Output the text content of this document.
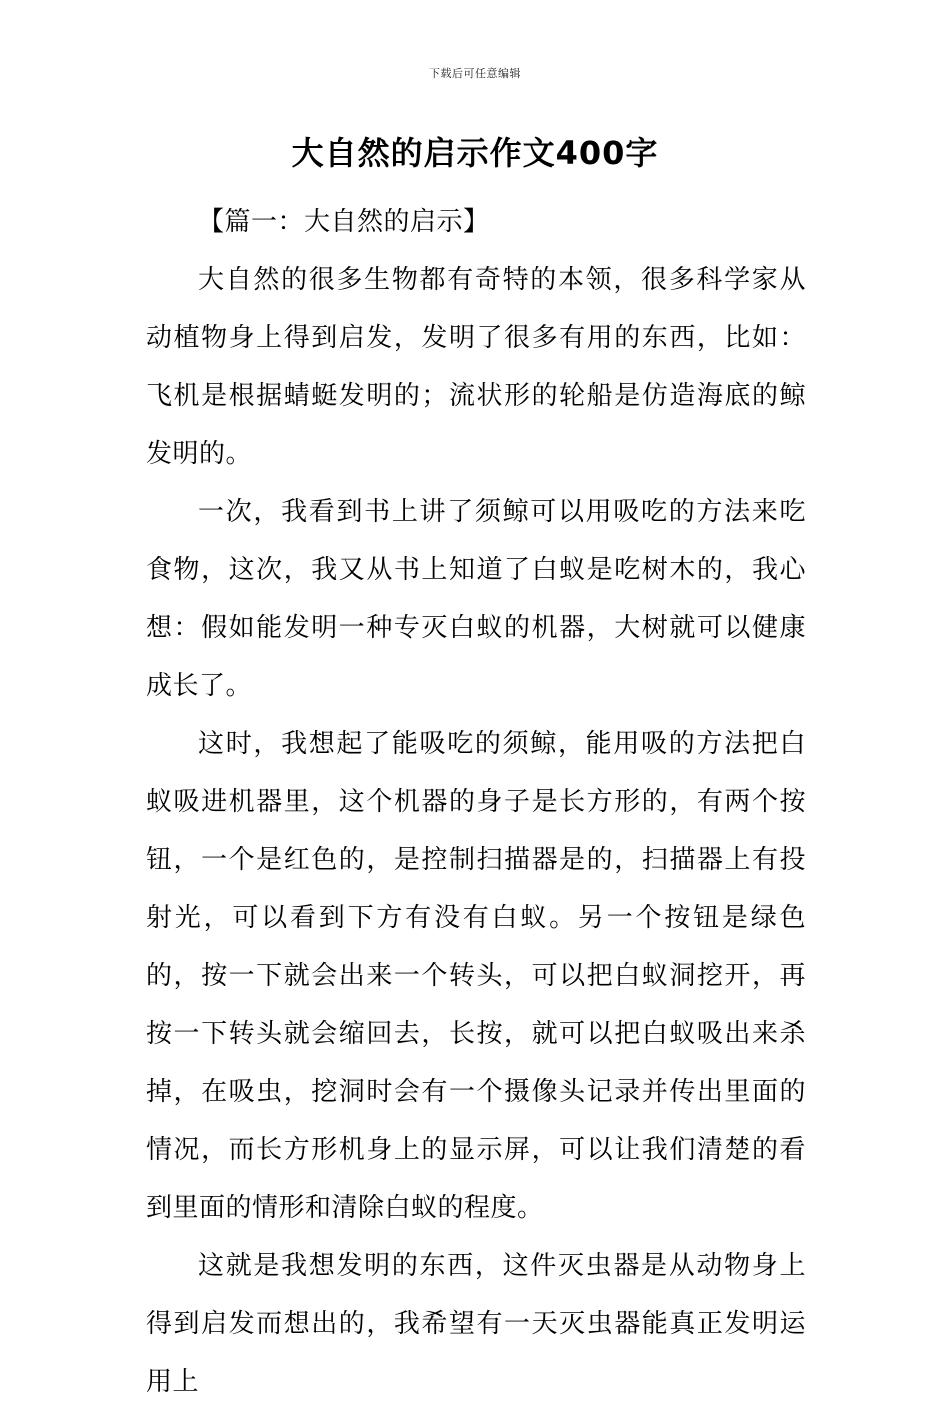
下载后可任意编辑
大自然的启示作文400字

【篇一：大自然的启示】

大自然的很多生物都有奇特的本领，很多科学家从动植物身上得到启发，发明了很多有用的东西，比如：飞机是根据蜻蜓发明的；流状形的轮船是仿造海底的鲸发明的。

一次，我看到书上讲了须鲸可以用吸吃的方法来吃食物，这次，我又从书上知道了白蚁是吃树木的，我心想：假如能发明一种专灭白蚁的机器，大树就可以健康成长了。

这时，我想起了能吸吃的须鲸，能用吸的方法把白蚁吸进机器里，这个机器的身子是长方形的，有两个按钮，一个是红色的，是控制扫描器是的，扫描器上有投射光，可以看到下方有没有白蚁。另一个按钮是绿色的，按一下就会出来一个转头，可以把白蚁洞挖开，再按一下转头就会缩回去，长按，就可以把白蚁吸出来杀掉，在吸虫，挖洞时会有一个摄像头记录并传出里面的情况，而长方形机身上的显示屏，可以让我们清楚的看到里面的情形和清除白蚁的程度。

这就是我想发明的东西，这件灭虫器是从动物身上得到启发而想出的，我希望有一天灭虫器能真正发明运用上
